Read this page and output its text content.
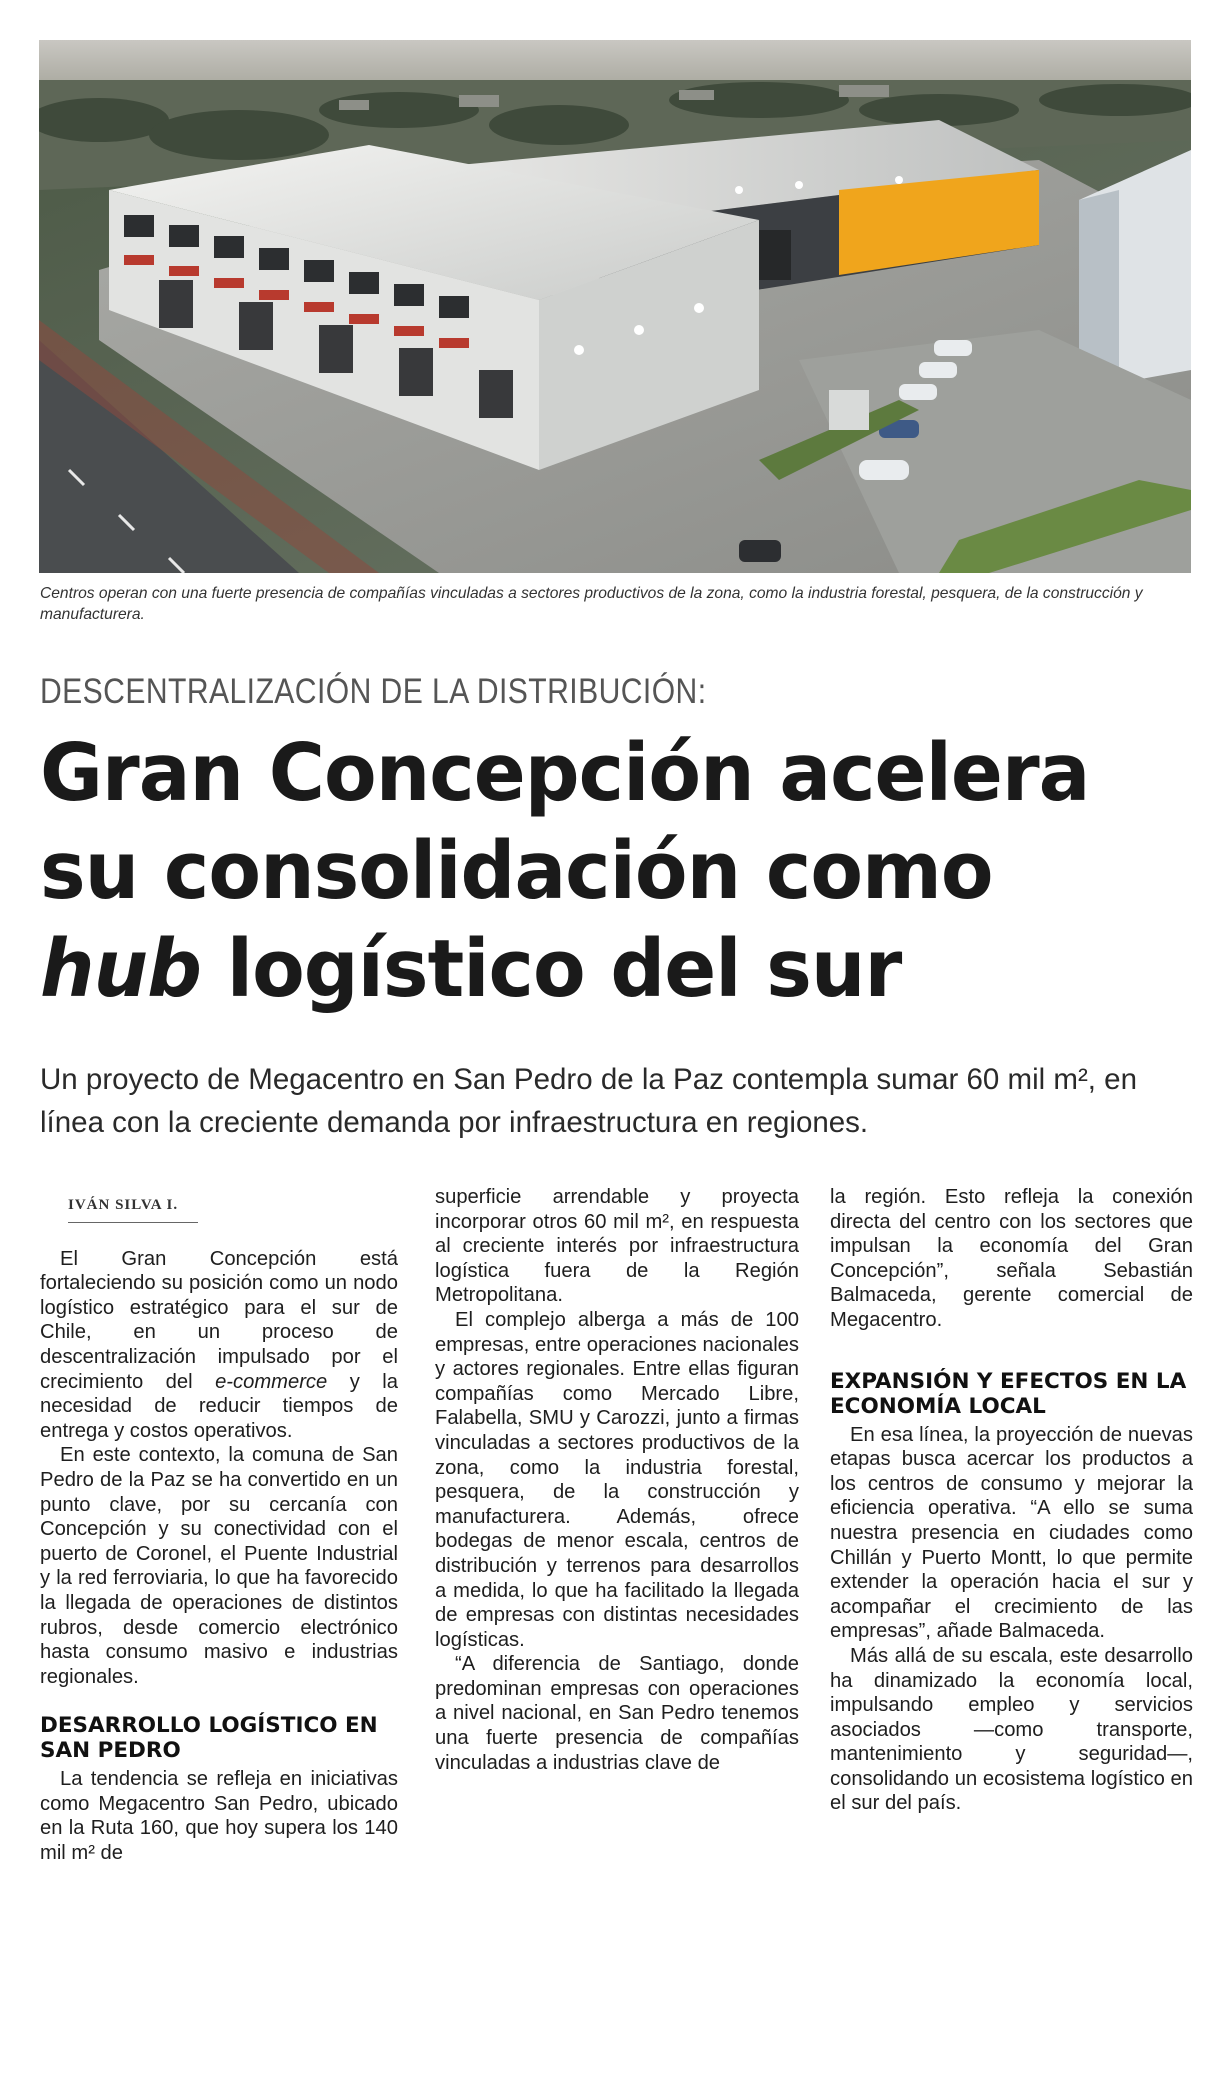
Centros operan con una fuerte presencia de compañías vinculadas a sectores productivos de la zona, como la industria forestal, pesquera, de la construcción y manufacturera.
DESCENTRALIZACIÓN DE LA DISTRIBUCIÓN:
Gran Concepción acelera
su consolidación como
hub logístico del sur

Un proyecto de Megacentro en San Pedro de la Paz contempla sumar 60 mil m², en línea con la creciente demanda por infraestructura en regiones.

IVÁN SILVA I.

El Gran Concepción está fortaleciendo su posición como un nodo logístico estratégico para el sur de Chile, en un proceso de descentralización impulsado por el crecimiento del e-commerce y la necesidad de reducir tiempos de entrega y costos operativos.

En este contexto, la comuna de San Pedro de la Paz se ha convertido en un punto clave, por su cercanía con Concepción y su conectividad con el puerto de Coronel, el Puente Industrial y la red ferroviaria, lo que ha favorecido la llegada de operaciones de distintos rubros, desde comercio electrónico hasta consumo masivo e industrias regionales.

DESARROLLO LOGÍSTICO EN SAN PEDRO

La tendencia se refleja en iniciativas como Megacentro San Pedro, ubicado en la Ruta 160, que hoy supera los 140 mil m² de

superficie arrendable y proyecta incorporar otros 60 mil m², en respuesta al creciente interés por infraestructura logística fuera de la Región Metropolitana.

El complejo alberga a más de 100 empresas, entre operaciones nacionales y actores regionales. Entre ellas figuran compañías como Mercado Libre, Falabella, SMU y Carozzi, junto a firmas vinculadas a sectores productivos de la zona, como la industria forestal, pesquera, de la construcción y manufacturera. Además, ofrece bodegas de menor escala, centros de distribución y terrenos para desarrollos a medida, lo que ha facilitado la llegada de empresas con distintas necesidades logísticas.

“A diferencia de Santiago, donde predominan empresas con operaciones a nivel nacional, en San Pedro tenemos una fuerte presencia de compañías vinculadas a industrias clave de

la región. Esto refleja la conexión directa del centro con los sectores que impulsan la economía del Gran Concepción”, señala Sebastián Balmaceda, gerente comercial de Megacentro.

EXPANSIÓN Y EFECTOS EN LA ECONOMÍA LOCAL

En esa línea, la proyección de nuevas etapas busca acercar los productos a los centros de consumo y mejorar la eficiencia operativa. “A ello se suma nuestra presencia en ciudades como Chillán y Puerto Montt, lo que permite extender la operación hacia el sur y acompañar el crecimiento de las empresas”, añade Balmaceda.

Más allá de su escala, este desarrollo ha dinamizado la economía local, impulsando empleo y servicios asociados —como transporte, mantenimiento y seguridad—, consolidando un ecosistema logístico en el sur del país.
